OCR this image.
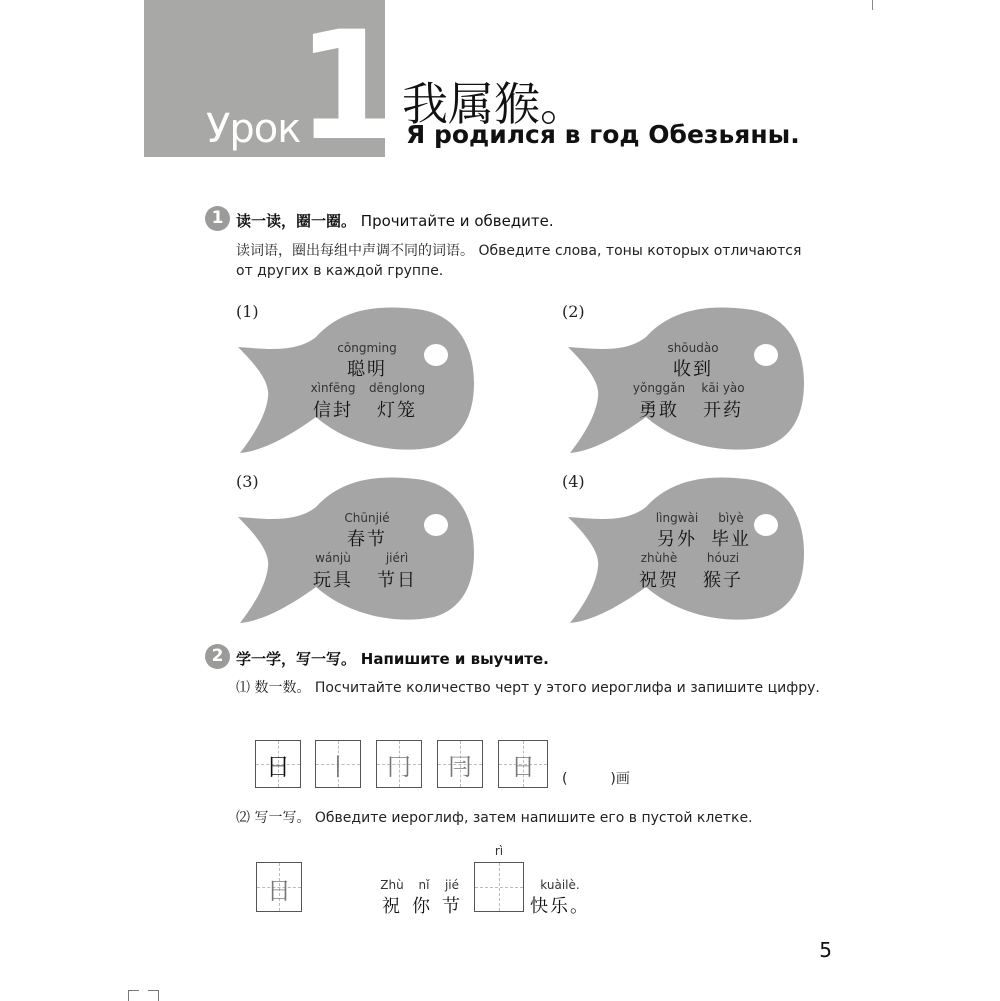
Урок
1 我属猴。
Я родился в год Обезьяны.
1 读一读，圈一圈。 Прочитайте и обведите.
读词语，圈出每组中声调不同的词语。 Обведите слова, тоны которых отличаются
от других в каждой группе.
(1)
cōngming
聪明
xìnfēng
信封
dēnglong
灯笼
(2)
shōudào
收到
yǒnggǎn
勇敢
kāi yào
开药
(3)
Chūnjié
春节
wánjù
玩具
jiérì
节日
(4)
lìngwài
另外
bìyè
毕业
zhùhè
祝贺
hóuzi
猴子
2 学一学，写一写。 Напишите и выучите.
⑴ 数一数。 Посчитайте количество черт у этого иероглифа и запишите цифру.
日	丨	冂	冃	日	(	)画
⑵ 写一写。 Обведите иероглиф, затем напишите его в пустой клетке.
日	Zhù	nǐ	jié
祝 你 节
rì
kuàilè.
快乐。
5
